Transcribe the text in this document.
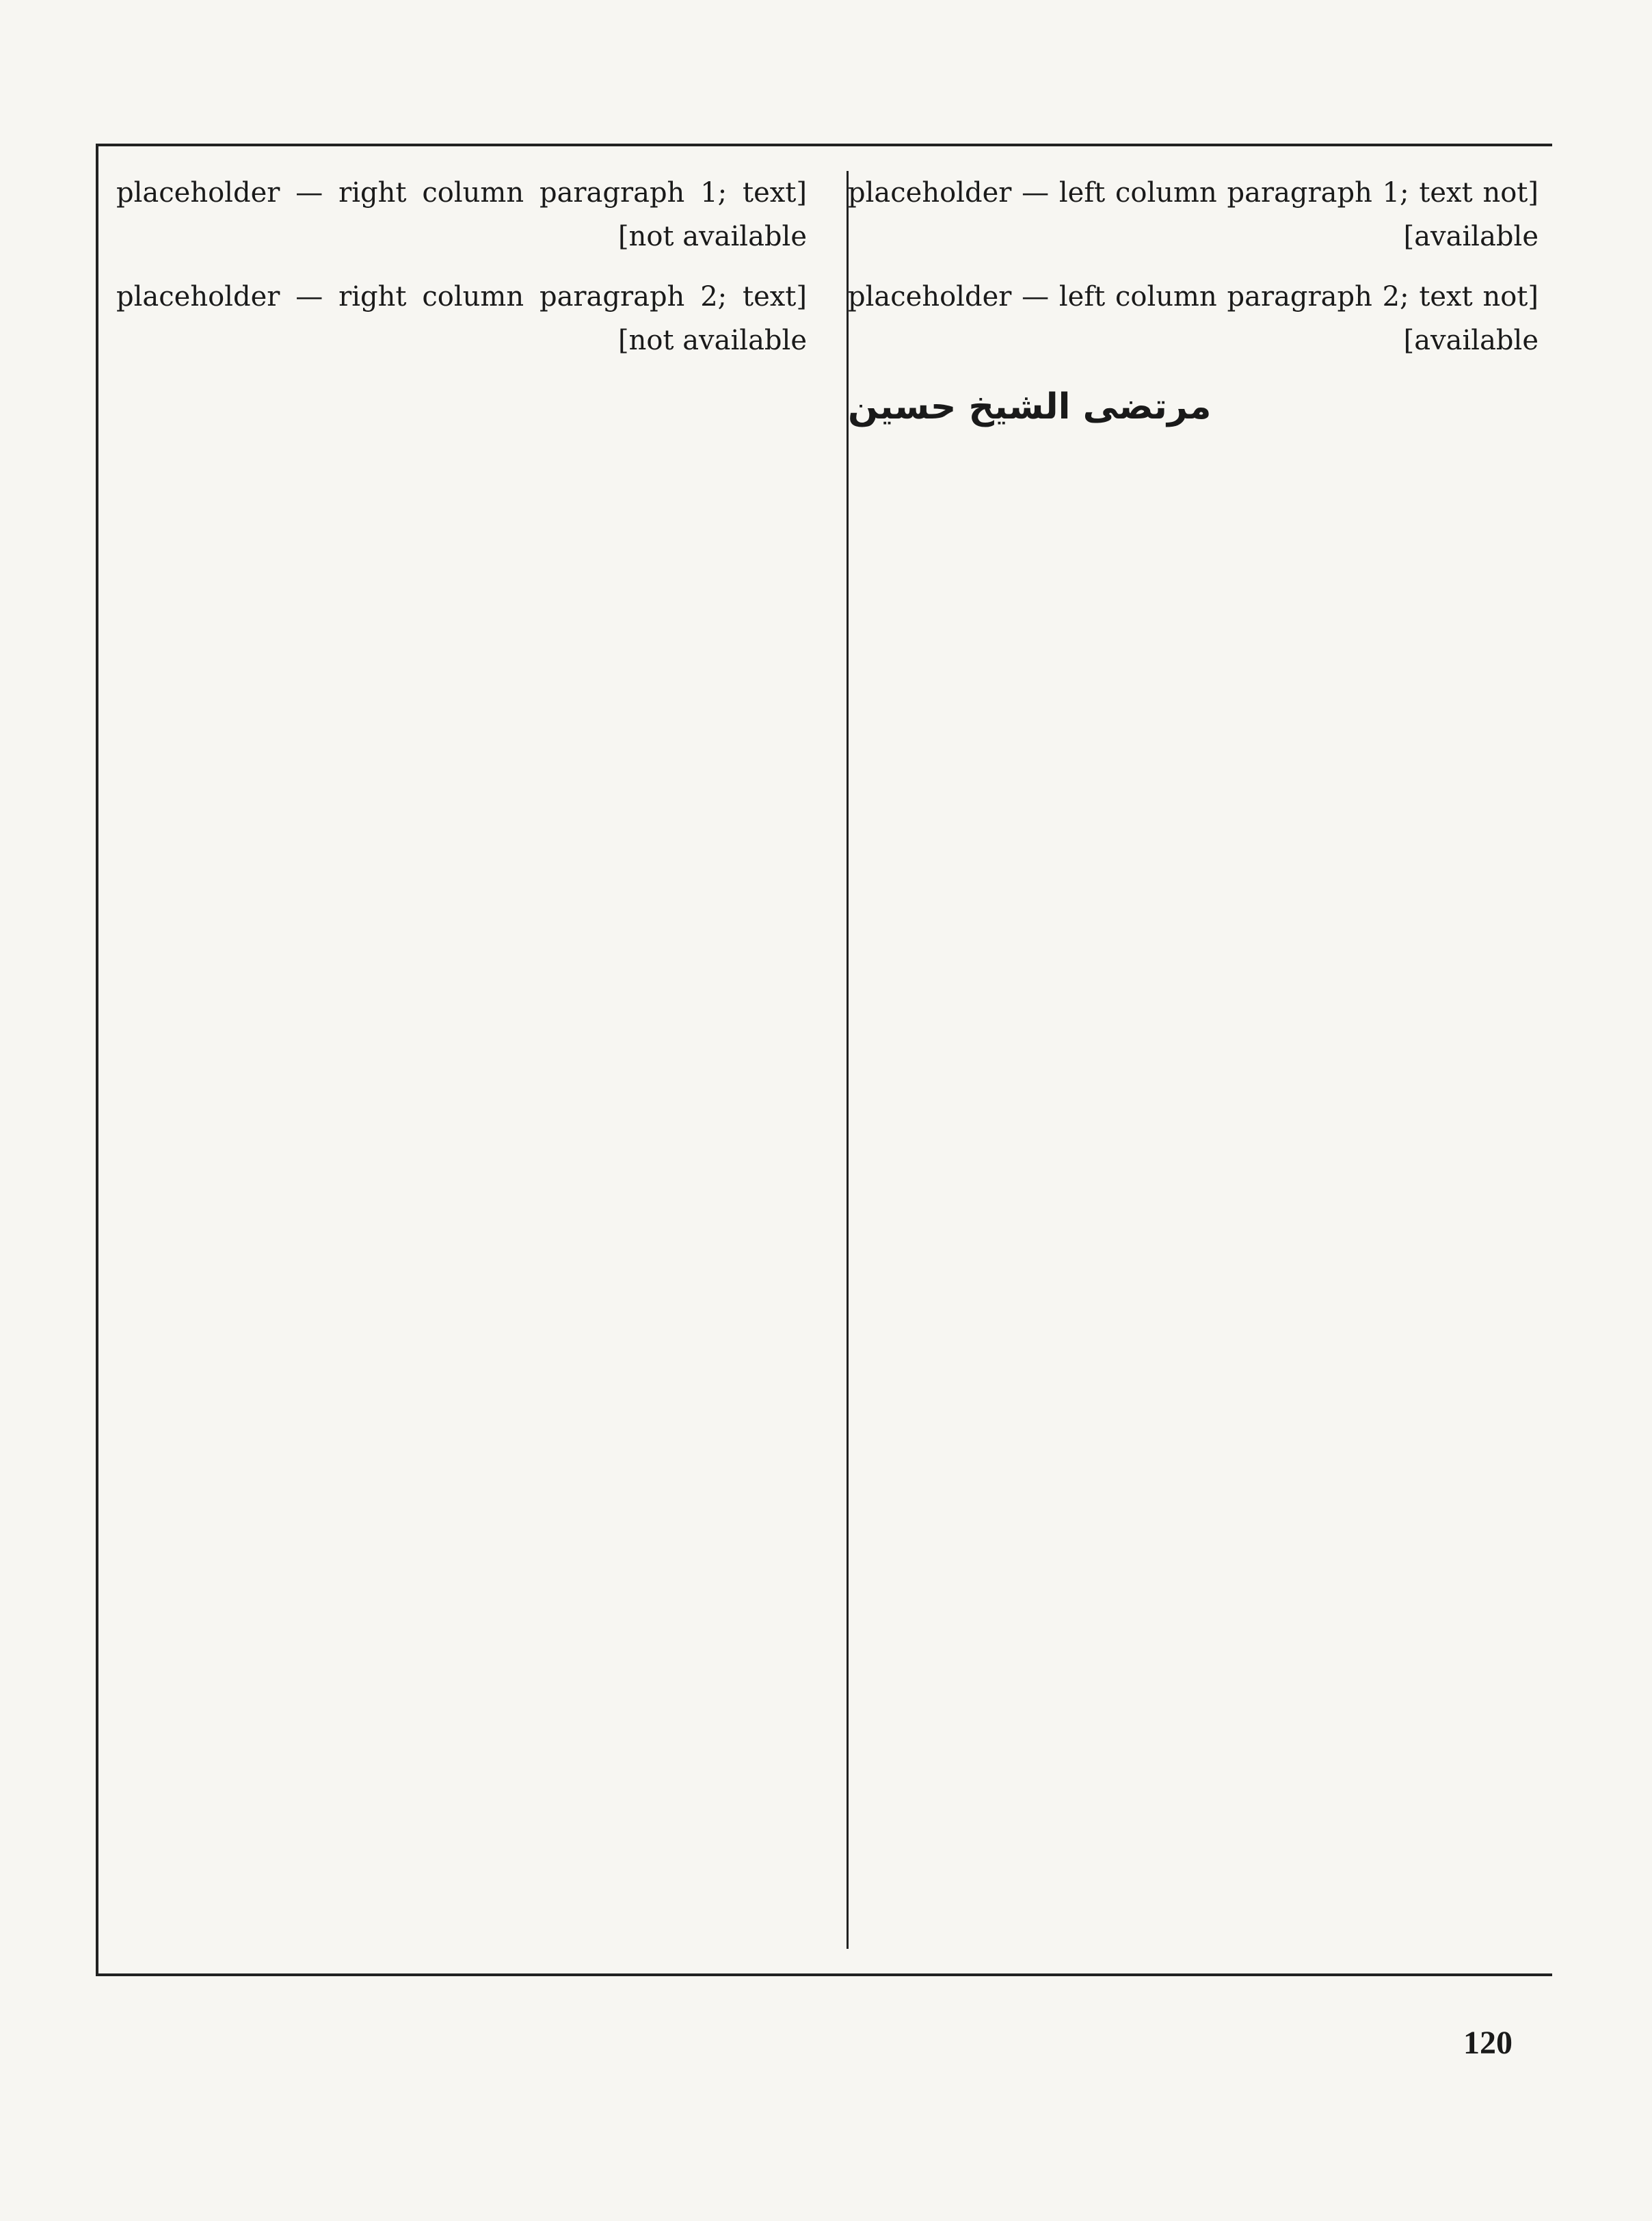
[placeholder — right column paragraph 1; text not available]

[placeholder — right column paragraph 2; text not available]

[placeholder — left column paragraph 1; text not available]

[placeholder — left column paragraph 2; text not available]

مرتضى الشيخ حسين
120
